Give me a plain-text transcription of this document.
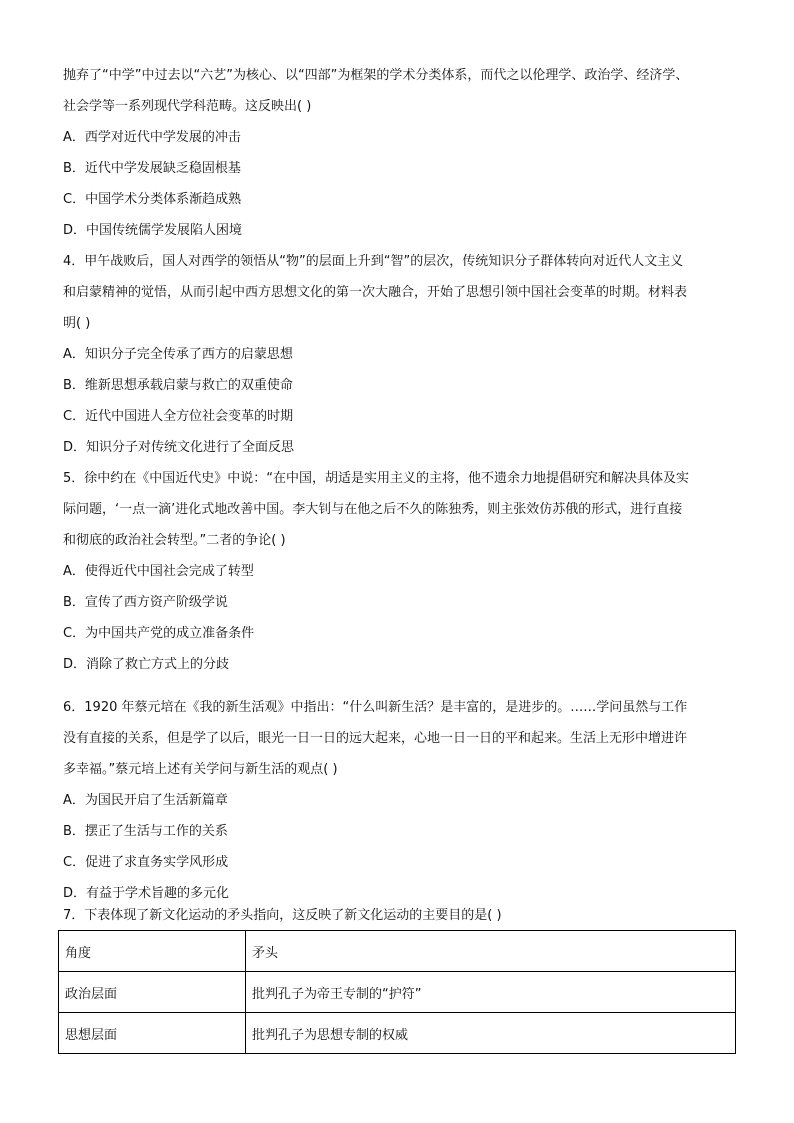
抛弃了“中学”中过去以“六艺”为核心、以“四部”为框架的学术分类体系，而代之以伦理学、政治学、经济学、
社会学等一系列现代学科范畴。这反映出( )
A．西学对近代中学发展的冲击
B．近代中学发展缺乏稳固根基
C．中国学术分类体系渐趋成熟
D．中国传统儒学发展陷人困境
4．甲午战败后，国人对西学的领悟从“物”的层面上升到“智”的层次，传统知识分子群体转向对近代人文主义
和启蒙精神的觉悟，从而引起中西方思想文化的第一次大融合，开始了思想引领中国社会变革的时期。材料表
明( )
A．知识分子完全传承了西方的启蒙思想
B．维新思想承载启蒙与救亡的双重使命
C．近代中国进人全方位社会变革的时期
D．知识分子对传统文化进行了全面反思
5．徐中约在《中国近代史》中说：“在中国，胡适是实用主义的主将，他不遗余力地提倡研究和解决具体及实
际问题，‘一点一滴’进化式地改善中国。李大钊与在他之后不久的陈独秀，则主张效仿苏俄的形式，进行直接
和彻底的政治社会转型。”二者的争论( )
A．使得近代中国社会完成了转型
B．宣传了西方资产阶级学说
C．为中国共产党的成立准备条件
D．消除了救亡方式上的分歧
6．1920 年蔡元培在《我的新生活观》中指出：“什么叫新生活？是丰富的，是进步的。……学问虽然与工作
没有直接的关系，但是学了以后，眼光一日一日的远大起来，心地一日一日的平和起来。生活上无形中增进许
多幸福。”蔡元培上述有关学问与新生活的观点( )
A．为国民开启了生活新篇章
B．摆正了生活与工作的关系
C．促进了求直务实学风形成
D．有益于学术旨趣的多元化
7．下表体现了新文化运动的矛头指向，这反映了新文化运动的主要目的是( )
角度	矛头
政治层面	批判孔子为帝王专制的“护符”
思想层面	批判孔子为思想专制的权威
